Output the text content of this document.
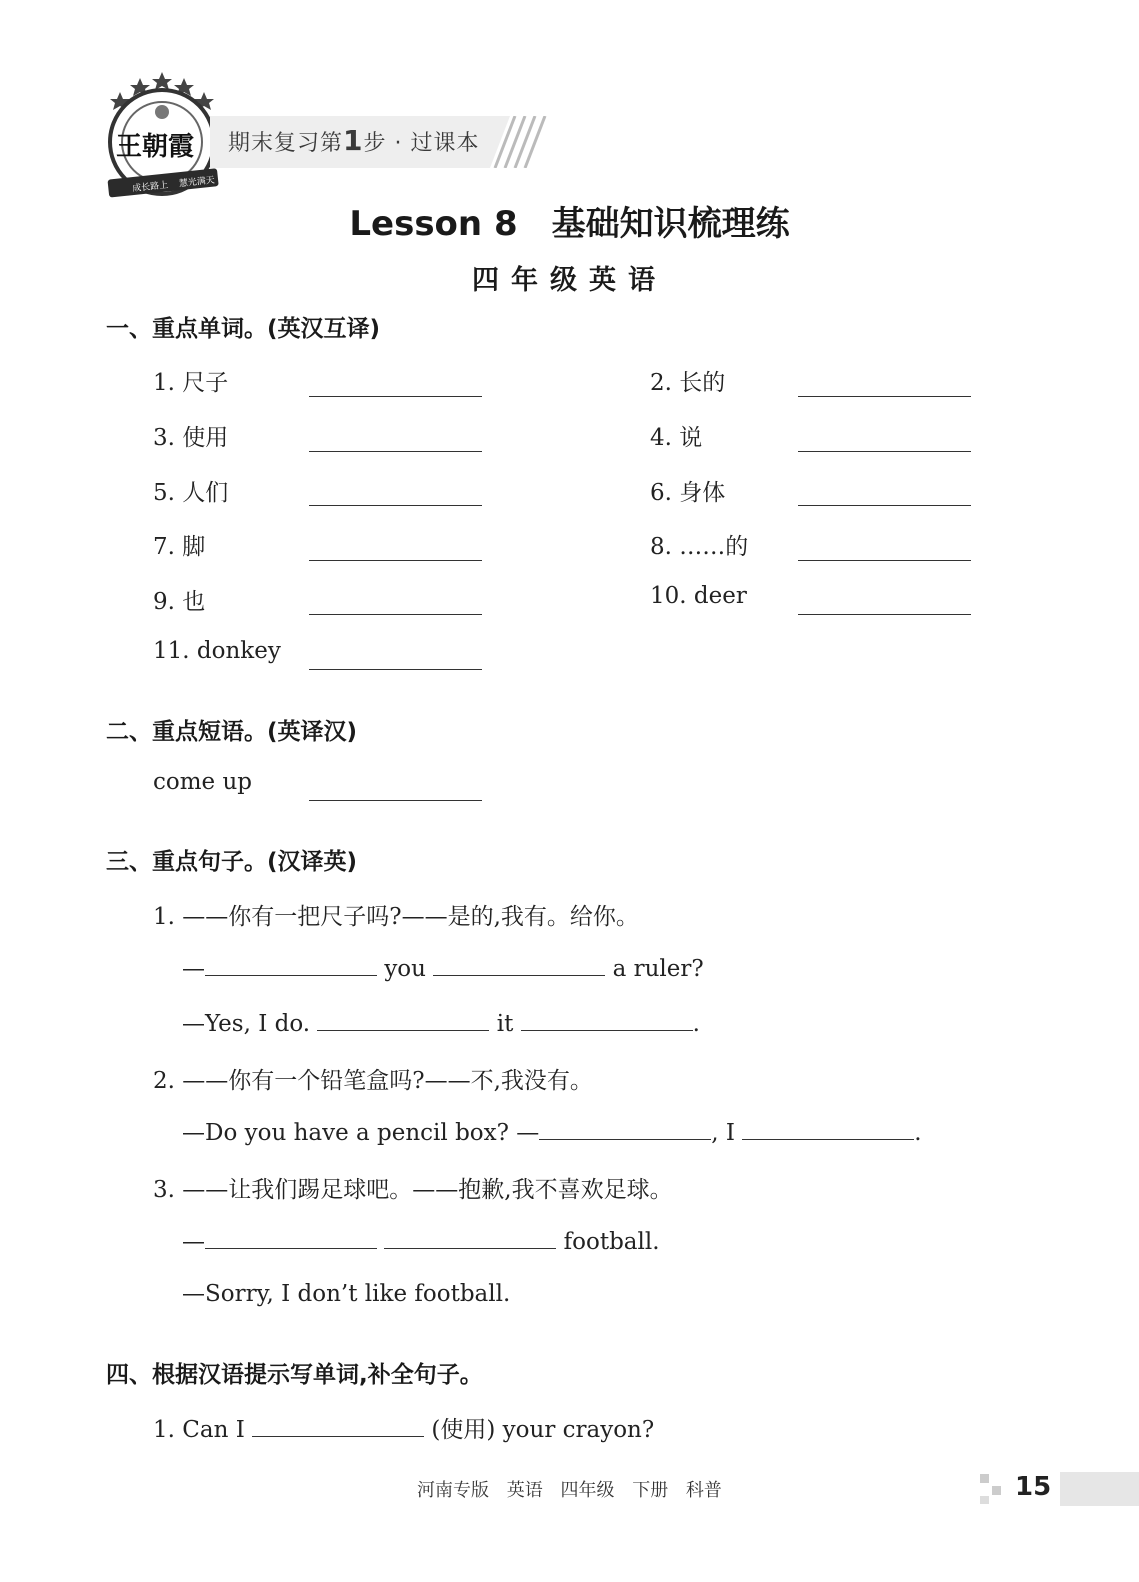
王朝霞
成长路上 慧光满天
期末复习第1步 · 过课本
Lesson 8　基础知识梳理练
四年级英语
一、重点单词。(英汉互译)
1. 尺子	2. 长的
3. 使用	4. 说
5. 人们	6. 身体
7. 脚	8. ……的
9. 也	10. deer
11. donkey
二、重点短语。(英译汉)
come up
三、重点句子。(汉译英)
1. ——你有一把尺子吗?——是的,我有。给你。
—	you	a ruler?
—Yes, I do.	it	.
2. ——你有一个铅笔盒吗?——不,我没有。
—Do you have a pencil box? —	, I	.
3. ——让我们踢足球吧。——抱歉,我不喜欢足球。
—	football.
—Sorry, I don’t like football.
四、根据汉语提示写单词,补全句子。
1. Can I	(使用) your crayon?
河南专版 英语 四年级 下册 科普	15
